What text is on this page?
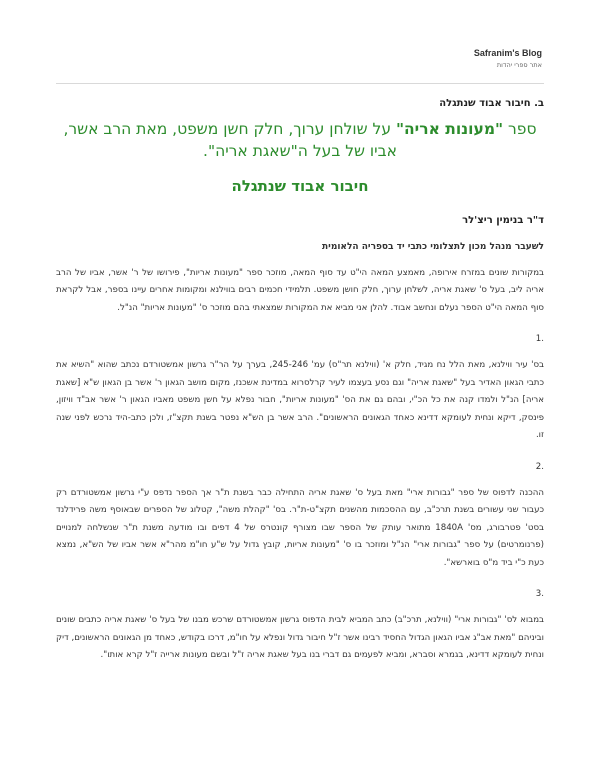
Safranim's Blog
אתר ספרי יהדות
ב. חיבור אבוד שנתגלה
ספר "מעונות אריה" על שולחן ערוך, חלק חשן משפט, מאת הרב אשר, אביו של בעל ה"שאגת אריה".
חיבור אבוד שנתגלה
ד"ר בנימין ריצ'לר
לשעבר מנהל מכון לתצלומי כתבי יד בספריה הלאומית
במקורות שונים במזרח אירופה, מאמצע המאה הי"ט עד סוף המאה, מוזכר ספר "מעונות אריות", פירושו של ר' אשר, אביו של הרב אריה ליב, בעל ס' שאגת אריה, לשלחן ערוך, חלק חושן משפט. תלמידי חכמים רבים בווילנא ומקומות אחרים עיינו בספר, אבל לקראת סוף המאה הי"ט הספר נעלם ונחשב אבוד. להלן אני מביא את המקורות שמצאתי בהם מוזכר ס' "מעונות אריות" הנ"ל.
.1
בס' עיר ווילנא, מאת הלל נח מגיד, חלק א' (ווילנא תר"ס) עמ' 245-246, בערך על הר"ר גרשון אמשטורדם נכתב שהוא "השיא את כתבי הגאון האדיר בעל "שאגת אריה" וגם נסע בעצמו לעיר קרלסרוא במדינת אשכנז, מקום מושב הגאון ר' אשר בן הגאון ש"א [שאגת אריה] הנ"ל ולמדו קנה את כל הכ"י, ובהם גם את הס' "מעונות אריות", חבור נפלא על חשן משפט מאביו הגאון ר' אשר אב"ד וויזון, פינסק, דיקא ונחית לעומקא דדינא כאחד הגאונים הראשונים". הרב אשר בן הש"א נפטר בשנת תקצ"ז, ולכן כתב-היד נרכש לפני שנה זו.
.2
ההכנה לדפוס של ספר "גבורות ארי" מאת בעל ס' שאגת אריה התחילה כבר בשנת ת"ר אך הספר נדפס ע"י גרשון אמשטורדם רק כעבור שני עשורים בשנת תרכ"ב, עם ההסכמות מהשנים תקצ"ט-ת"ר. בס' "קהלת משה", קטלוג של הספרים שבאוסף משה פרידלנד בסט' פטרבורג, מס' 1840A מתואר עותק של הספר שבו מצורף קונטרס של 4 דפים ובו מודעה משנת ת"ר שנשלחה למנויים (פרנומרטים) על ספר "גבורות ארי" הנ"ל ומוזכר בו ס' "מעונות אריות, קובץ גדול על ש"ע חו"מ מהר"א אשר אביו של הש"א, נמצא כעת כ"י ביד מ"ס בוארשא".
.3
במבוא לס' "גבורות ארי" (ווילנא, תרכ"ב) כתב המביא לבית הדפוס גרשון אמשטורדם שרכש מבנו של בעל ס' שאגת אריה כתבים שונים וביניהם "מאת אב"ג אביו הגאון הגדול החסיד רבינו אשר ז"ל חיבור גדול ונפלא על חו"מ, דרכו בקודש, כאחד מן הגאונים הראשונים, דיק ונחית לעומקא דדינא, בגמרא וסברא, ומביא לפעמים גם דברי בנו בעל שאגת אריה ז"ל ובשם מעונות ארייה ז"ל קרא אותו".
